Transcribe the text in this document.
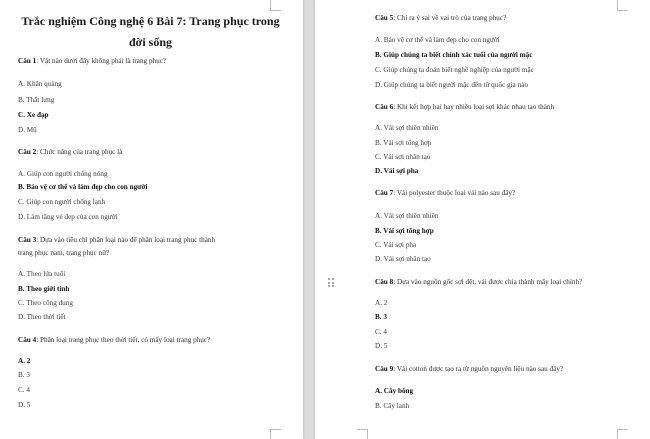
Trắc nghiệm Công nghệ 6 Bài 7: Trang phục trong

đời sống

Câu 1: Vật nào dưới đây không phải là trang phục?
A. Khăn quàng
B. Thắt lưng
C. Xe đạp
D. Mũ
Câu 2: Chức năng của trang phục là
A. Giúp con người chống nóng
B. Bảo vệ cơ thể và làm đẹp cho con người
C. Giúp con người chống lạnh
D. Làm tăng vẻ đẹp của con người
Câu 3: Dựa vào tiêu chí phân loại nào để phân loại trang phục thành
trang phục nam, trang phục nữ?
A. Theo lứa tuổi
B. Theo giới tính
C. Theo công dụng
D. Theo thời tiết
Câu 4: Phân loại trang phục theo thời tiết, có mấy loại trang phục?
A. 2
B. 3
C. 4
D. 5
Câu 5: Chỉ ra ý sai về vai trò của trang phục?
A. Bảo vệ cơ thể và làm đẹp cho con người
B. Giúp chúng ta biết chính xác tuổi của người mặc
C. Giúp chúng ta đoán biết nghề nghiệp của người mặc
D. Giúp chúng ta biết người mặc đến từ quốc gia nào
Câu 6: Khi kết hợp hai hay nhiều loại sợi khác nhau tạo thành
A. Vải sợi thiên nhiên
B. Vải sợi tổng hợp
C. Vải sợi nhân tạo
D. Vải sợi pha
Câu 7: Vải polyester thuộc loại vải nào sau đây?
A. Vải sợi thiên nhiên
B. Vải sợi tổng hợp
C. Vải sợi pha
D. Vải sợi nhân tạo
Câu 8: Dựa vào nguồn gốc sợi dệt, vải được chia thành mấy loại chính?
A. 2
B. 3
C. 4
D. 5
Câu 9: Vải cotton được tạo ra từ nguồn nguyên liệu nào sau đây?
A. Cây bông
B. Cây lanh
